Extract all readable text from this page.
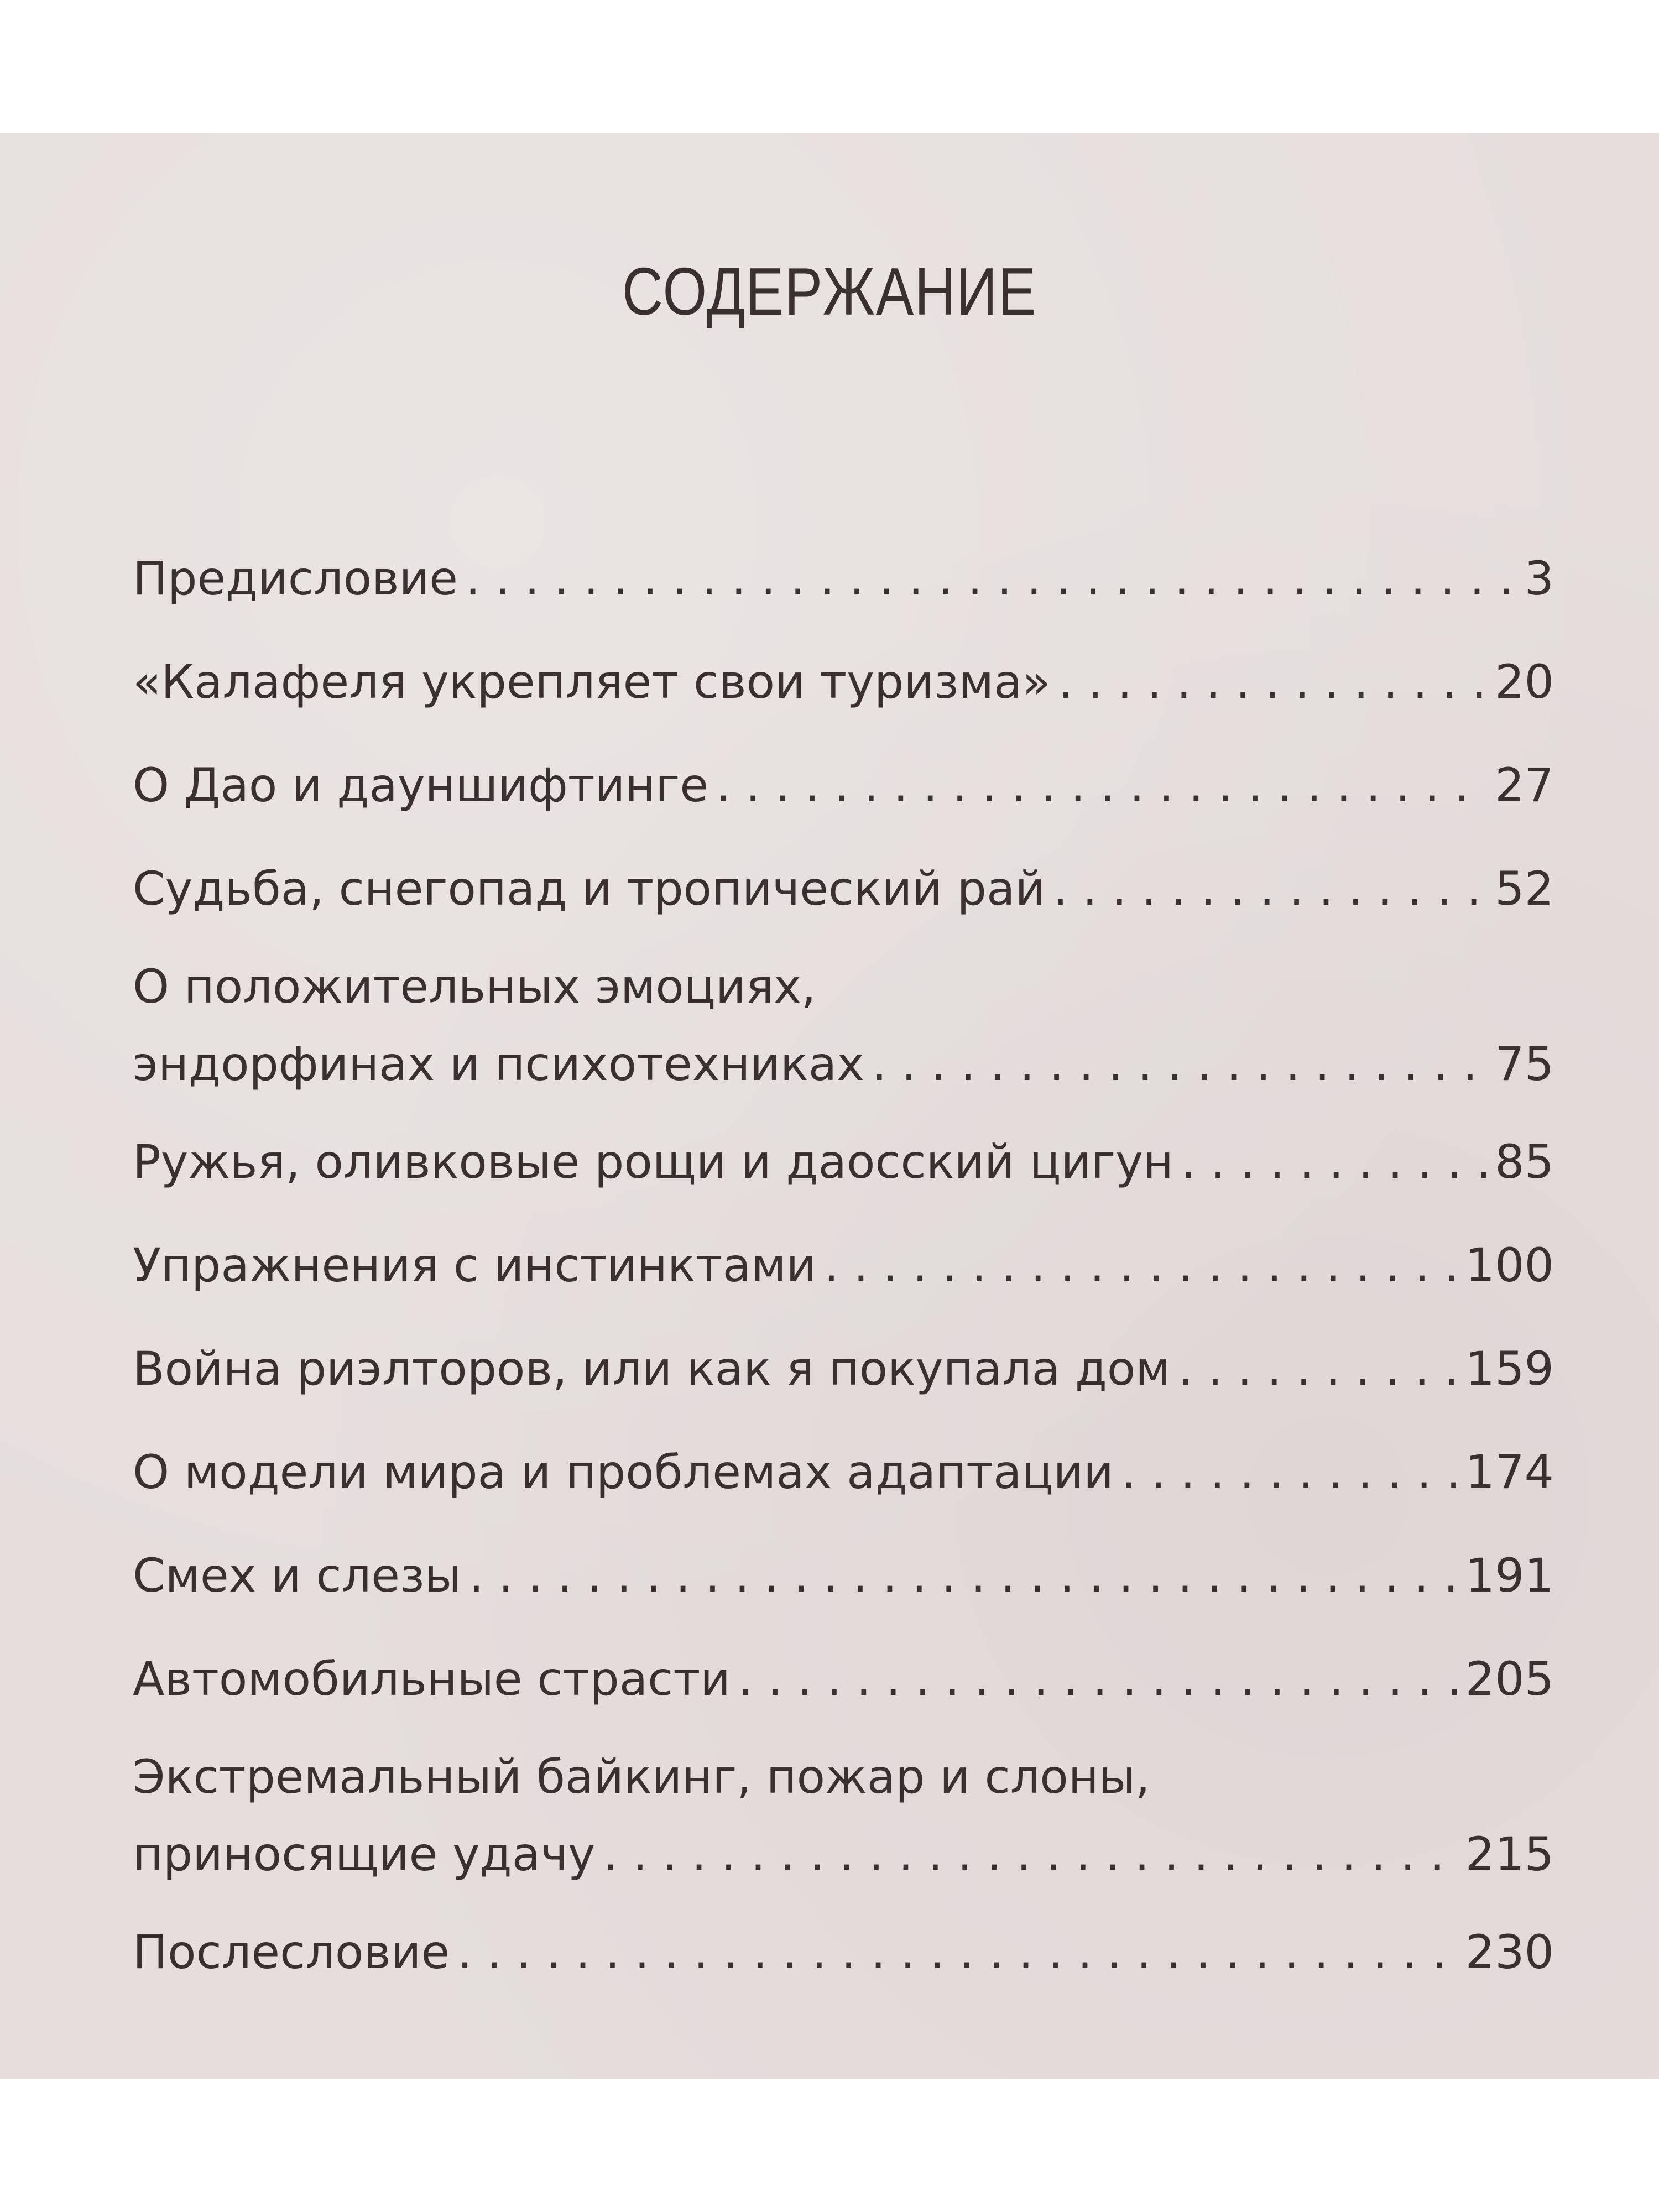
СОДЕРЖАНИЕ
Предисловие . . .	3
«Калафеля укрепляет свои туризма» . . .	20
О Дао и дауншифтинге . . .	27
Судьба, снегопад и тропический рай . . .	52
О положительных эмоциях,
эндорфинах и психотехниках . . .	75
Ружья, оливковые рощи и даосский цигун . . .	85
Упражнения с инстинктами . . .	100
Война риэлторов, или как я покупала дом . . .	159
О модели мира и проблемах адаптации . . .	174
Смех и слезы . . .	191
Автомобильные страсти . . .	205
Экстремальный байкинг, пожар и слоны,
приносящие удачу . . .	215
Послесловие . . .	230
